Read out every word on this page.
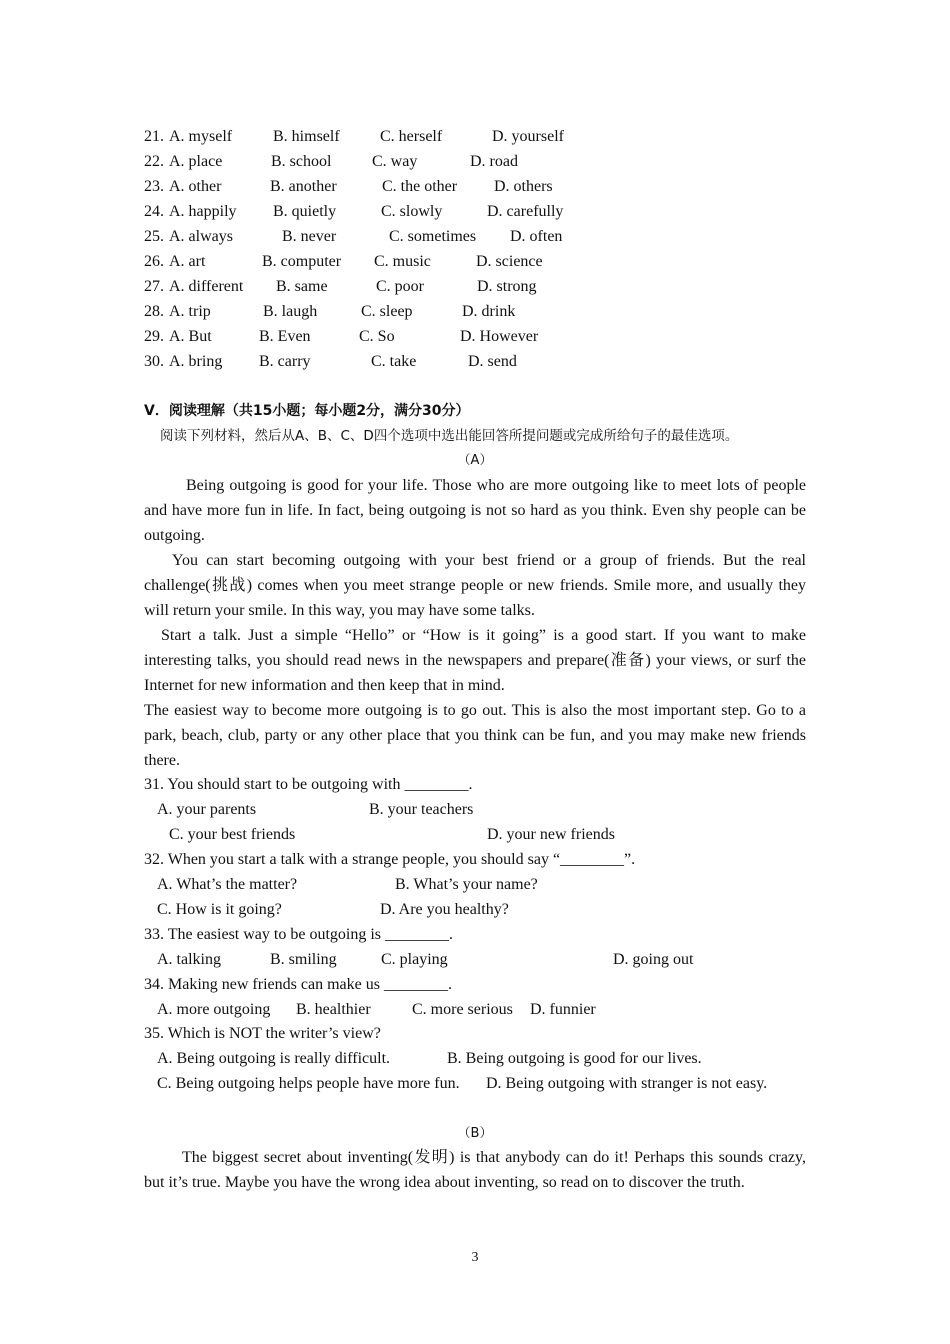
21. A. myself	B. himself	C. herself	D. yourself
22. A. place	B. school	C. way	D. road
23. A. other	B. another	C. the other D. others
24. A. happily B. quietly	C. slowly	D. carefully
25. A. always	B. never	C. sometimes D. often
26. A. art	B. computer C. music	D. science
27. A. different B. same	C. poor	D. strong
28. A. trip	B. laugh	C. sleep	D. drink
29. A. But	B. Even	C. So	D. However
30. A. bring B. carry	C. take	D. send
V．阅读理解（共15小题；每小题2分，满分30分）
阅读下列材料，然后从A、B、C、D四个选项中选出能回答所提问题或完成所给句子的最佳选项。
（A）
Being outgoing is good for your life. Those who are more outgoing like to meet lots of people and have more fun in life. In fact, being outgoing is not so hard as you think. Even shy people can be outgoing.
You can start becoming outgoing with your best friend or a group of friends. But the real challenge(挑战) comes when you meet strange people or new friends. Smile more, and usually they will return your smile. In this way, you may have some talks.
Start a talk. Just a simple “Hello” or “How is it going” is a good start. If you want to make interesting talks, you should read news in the newspapers and prepare(准备) your views, or surf the Internet for new information and then keep that in mind.
The easiest way to become more outgoing is to go out. This is also the most important step. Go to a park, beach, club, party or any other place that you think can be fun, and you may make new friends there.
31. You should start to be outgoing with ________.
A. your parents	B. your teachers
C. your best friends	D. your new friends
32. When you start a talk with a strange people, you should say “________”.
A. What’s the matter?	B. What’s your name?
C. How is it going?	D. Are you healthy?
33. The easiest way to be outgoing is ________.
A. talking	B. smiling	C. playing	D. going out
34. Making new friends can make us ________.
A. more outgoing B. healthier	C. more serious D. funnier
35. Which is NOT the writer’s view?
A. Being outgoing is really difficult.	B. Being outgoing is good for our lives.
C. Being outgoing helps people have more fun. D. Being outgoing with stranger is not easy.
（B）
The biggest secret about inventing(发明) is that anybody can do it! Perhaps this sounds crazy, but it’s true. Maybe you have the wrong idea about inventing, so read on to discover the truth.
3
